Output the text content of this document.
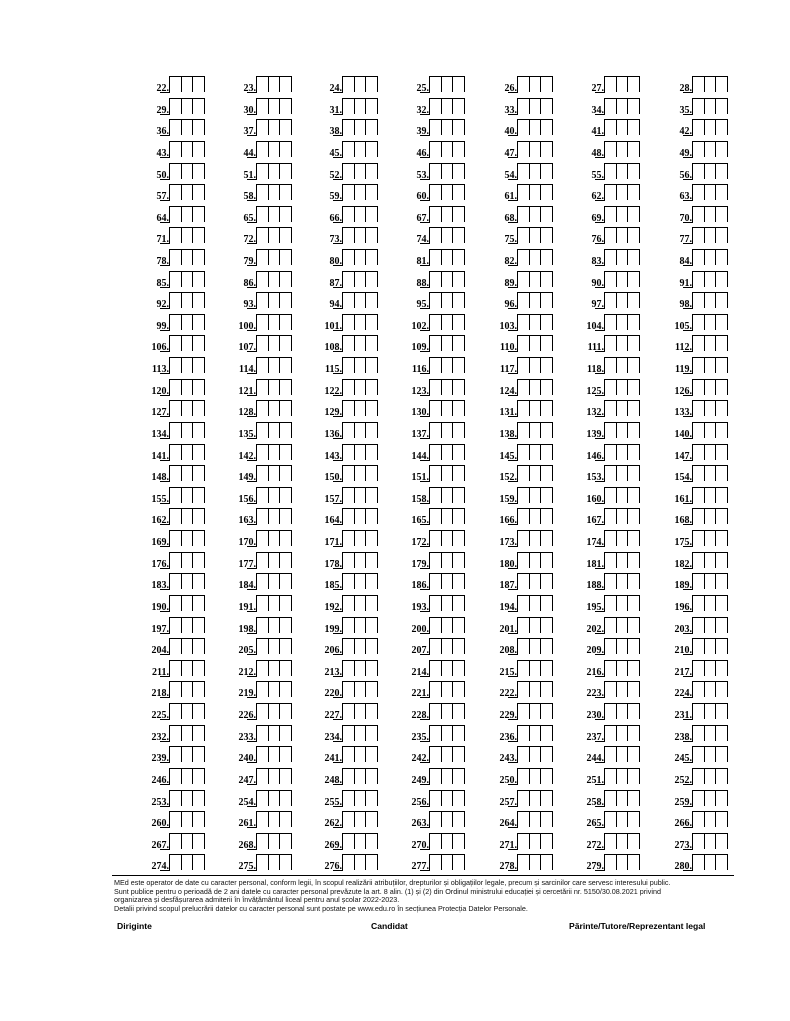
22.	23.	24.	25.	26.	27.	28.
29.	30.	31.	32.	33.	34.	35.
36.	37.	38.	39.	40.	41.	42.
43.	44.	45.	46.	47.	48.	49.
50.	51.	52.	53.	54.	55.	56.
57.	58.	59.	60.	61.	62.	63.
64.	65.	66.	67.	68.	69.	70.
71.	72.	73.	74.	75.	76.	77.
78.	79.	80.	81.	82.	83.	84.
85.	86.	87.	88.	89.	90.	91.
92.	93.	94.	95.	96.	97.	98.
99.	100.	101.	102.	103.	104.	105.
106.	107.	108.	109.	110.	111.	112.
113.	114.	115.	116.	117.	118.	119.
120.	121.	122.	123.	124.	125.	126.
127.	128.	129.	130.	131.	132.	133.
134.	135.	136.	137.	138.	139.	140.
141.	142.	143.	144.	145.	146.	147.
148.	149.	150.	151.	152.	153.	154.
155.	156.	157.	158.	159.	160.	161.
162.	163.	164.	165.	166.	167.	168.
169.	170.	171.	172.	173.	174.	175.
176.	177.	178.	179.	180.	181.	182.
183.	184.	185.	186.	187.	188.	189.
190.	191.	192.	193.	194.	195.	196.
197.	198.	199.	200.	201.	202.	203.
204.	205.	206.	207.	208.	209.	210.
211.	212.	213.	214.	215.	216.	217.
218.	219.	220.	221.	222.	223.	224.
225.	226.	227.	228.	229.	230.	231.
232.	233.	234.	235.	236.	237.	238.
239.	240.	241.	242.	243.	244.	245.
246.	247.	248.	249.	250.	251.	252.
253.	254.	255.	256.	257.	258.	259.
260.	261.	262.	263.	264.	265.	266.
267.	268.	269.	270.	271.	272.	273.
274.	275.	276.	277.	278.	279.	280.
MEd este operator de date cu caracter personal, conform legii, în scopul realizării atribuțiilor, drepturilor și obligațiilor legale, precum și sarcinilor care servesc interesului public.
Sunt publice pentru o perioadă de 2 ani datele cu caracter personal prevăzute la art. 8 alin. (1) și (2) din Ordinul ministrului educației și cercetării nr. 5150/30.08.2021 privind
organizarea și desfășurarea admiterii în învățământul liceal pentru anul școlar 2022-2023.
Detalii privind scopul prelucrării datelor cu caracter personal sunt postate pe www.edu.ro în secțiunea Protecția Datelor Personale.
Diriginte	Candidat	Părinte/Tutore/Reprezentant legal
